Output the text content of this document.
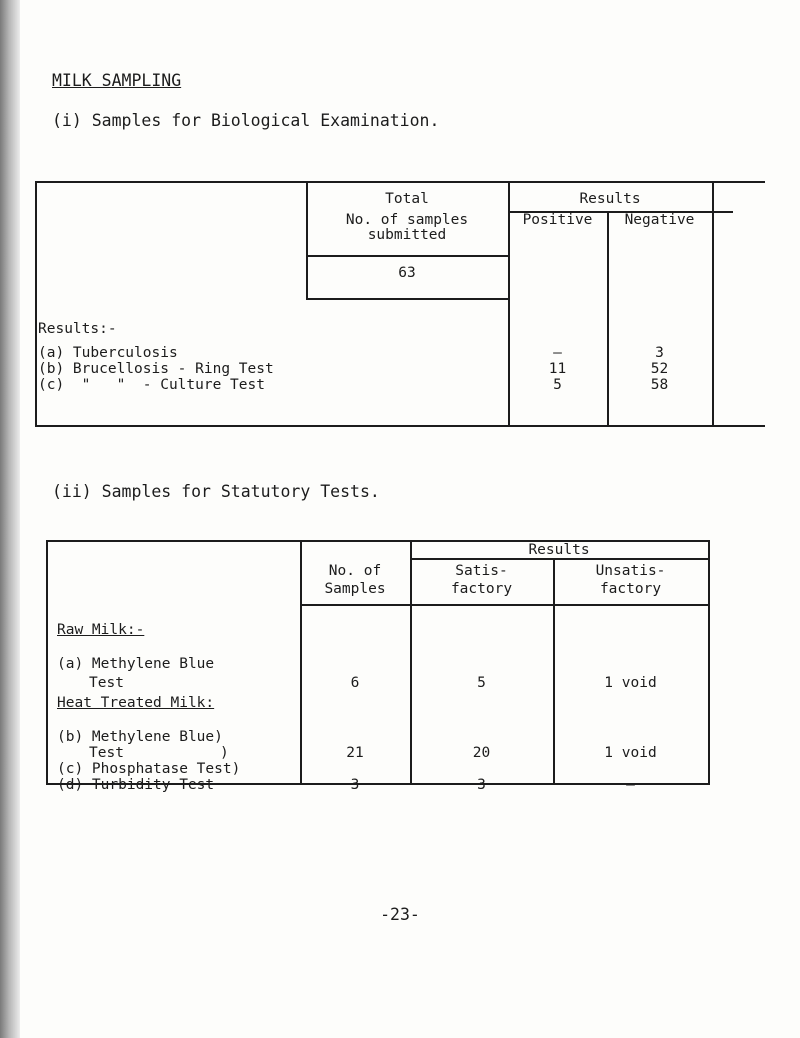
MILK SAMPLING
(i) Samples for Biological Examination.
Total
No. of samples
submitted
63
Results
Positive	Negative
Results:-
(a) Tuberculosis	–	3
(b) Brucellosis - Ring Test	11	52
(c)  "   "  - Culture Test	5	58
(ii) Samples for Statutory Tests.
Results
No. of
Samples
Satis-
factory
Unsatis-
factory
Raw Milk:-
(a) Methylene Blue
Test	6	5	1 void
Heat Treated Milk:
(b) Methylene Blue)
Test           )	21	20	1 void
(c) Phosphatase Test)
(d) Turbidity Test	3	3	–
-23-
